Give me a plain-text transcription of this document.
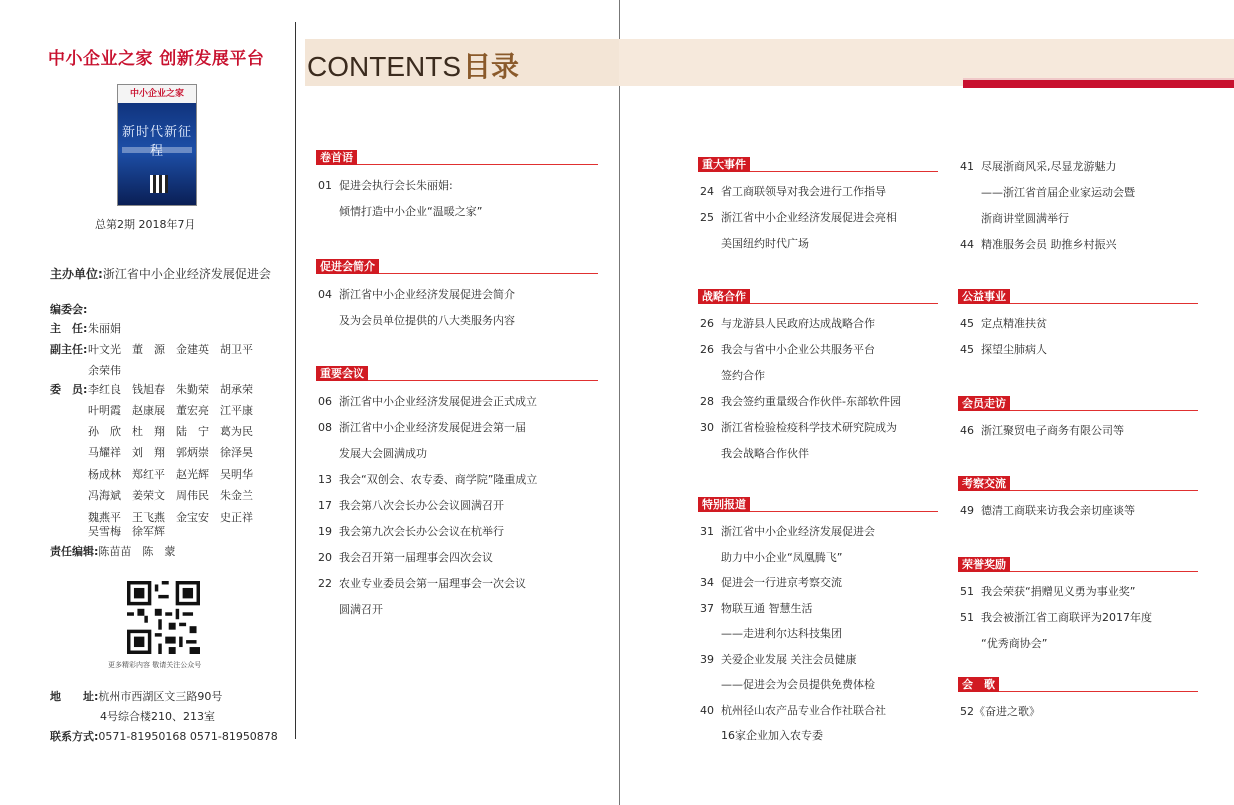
中小企业之家 创新发展平台
中小企业之家
新时代新征程
总第2期 2018年7月
主办单位:浙江省中小企业经济发展促进会
编委会:
主　任:朱丽娟
副主任:叶文光 董　源 金建英 胡卫平
余荣伟
委　员:李红良 钱旭春 朱勤荣 胡承荣
叶明霞 赵康展 董宏亮 江平康
孙　欣 杜　翔 陆　宁 葛为民
马耀祥 刘　翔 郭炳崇 徐泽昊
杨成林 郑红平 赵光辉 吴明华
冯海斌 姜荣文 周伟民 朱金兰
魏燕平 王飞燕 金宝安 史正祥
吴雪梅 徐军辉
责任编辑:陈苗苗　陈　蒙
更多精彩内容 敬请关注公众号
地　　址:杭州市西湖区文三路90号
4号综合楼210、213室
联系方式:0571-81950168 0571-81950878
CONTENTS目录
卷首语
01 促进会执行会长朱丽娟:
倾情打造中小企业“温暖之家”
促进会简介
04 浙江省中小企业经济发展促进会简介
及为会员单位提供的八大类服务内容
重要会议
06 浙江省中小企业经济发展促进会正式成立
08 浙江省中小企业经济发展促进会第一届
发展大会圆满成功
13 我会“双创会、农专委、商学院”隆重成立
17 我会第八次会长办公会议圆满召开
19 我会第九次会长办公会议在杭举行
20 我会召开第一届理事会四次会议
22 农业专业委员会第一届理事会一次会议
圆满召开
重大事件
24 省工商联领导对我会进行工作指导
25 浙江省中小企业经济发展促进会亮相
美国纽约时代广场
战略合作
26 与龙游县人民政府达成战略合作
26 我会与省中小企业公共服务平台
签约合作
28 我会签约重量级合作伙伴-东部软件园
30 浙江省检验检疫科学技术研究院成为
我会战略合作伙伴
特别报道
31 浙江省中小企业经济发展促进会
助力中小企业“凤凰腾飞”
34 促进会一行进京考察交流
37 物联互通 智慧生活
——走进利尔达科技集团
39 关爱企业发展 关注会员健康
——促进会为会员提供免费体检
40 杭州径山农产品专业合作社联合社
16家企业加入农专委
41 尽展浙商风采,尽显龙游魅力
——浙江省首届企业家运动会暨
浙商讲堂圆满举行
44 精准服务会员 助推乡村振兴
公益事业
45 定点精准扶贫
45 探望尘肺病人
会员走访
46 浙江聚贸电子商务有限公司等
考察交流
49 德清工商联来访我会亲切座谈等
荣誉奖励
51 我会荣获“捐赠见义勇为事业奖”
51 我会被浙江省工商联评为2017年度
“优秀商协会”
会　歌
52《奋进之歌》
